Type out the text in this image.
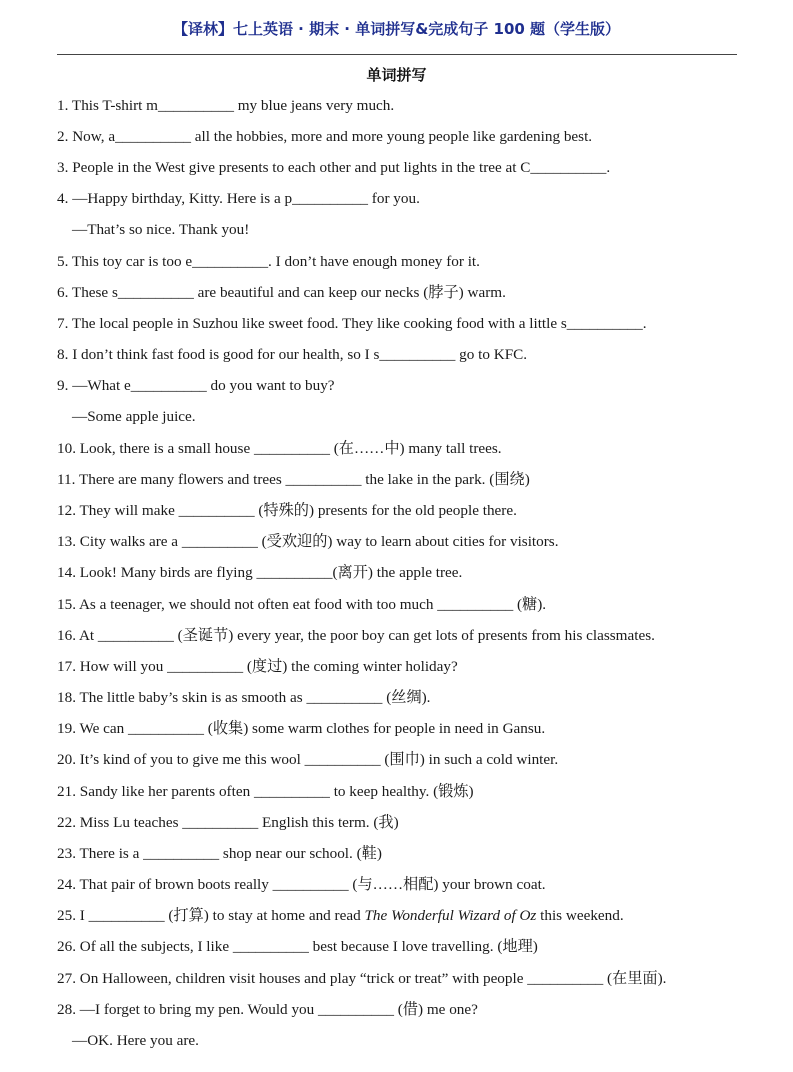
【译林】七上英语 · 期末 · 单词拼写&完成句子 100 题（学生版）
单词拼写
1. This T-shirt m__________ my blue jeans very much.
2. Now, a__________ all the hobbies, more and more young people like gardening best.
3. People in the West give presents to each other and put lights in the tree at C__________.
4. —Happy birthday, Kitty. Here is a p__________ for you.
—That’s so nice. Thank you!
5. This toy car is too e__________. I don’t have enough money for it.
6. These s__________ are beautiful and can keep our necks (脖子) warm.
7. The local people in Suzhou like sweet food. They like cooking food with a little s__________.
8. I don’t think fast food is good for our health, so I s__________ go to KFC.
9. —What e__________ do you want to buy?
—Some apple juice.
10. Look, there is a small house __________ (在……中) many tall trees.
11. There are many flowers and trees __________ the lake in the park. (围绕)
12. They will make __________ (特殊的) presents for the old people there.
13. City walks are a __________ (受欢迎的) way to learn about cities for visitors.
14. Look! Many birds are flying __________(离开) the apple tree.
15. As a teenager, we should not often eat food with too much __________ (糖).
16. At __________ (圣诞节) every year, the poor boy can get lots of presents from his classmates.
17. How will you __________ (度过) the coming winter holiday?
18. The little baby’s skin is as smooth as __________ (丝绸).
19. We can __________ (收集) some warm clothes for people in need in Gansu.
20. It’s kind of you to give me this wool __________ (围巾) in such a cold winter.
21. Sandy like her parents often __________ to keep healthy. (锻炼)
22. Miss Lu teaches __________ English this term. (我)
23. There is a __________ shop near our school. (鞋)
24. That pair of brown boots really __________ (与……相配) your brown coat.
25. I __________ (打算) to stay at home and read The Wonderful Wizard of Oz this weekend.
26. Of all the subjects, I like __________ best because I love travelling. (地理)
27. On Halloween, children visit houses and play “trick or treat” with people __________ (在里面).
28. —I forget to bring my pen. Would you __________ (借) me one?
—OK. Here you are.
